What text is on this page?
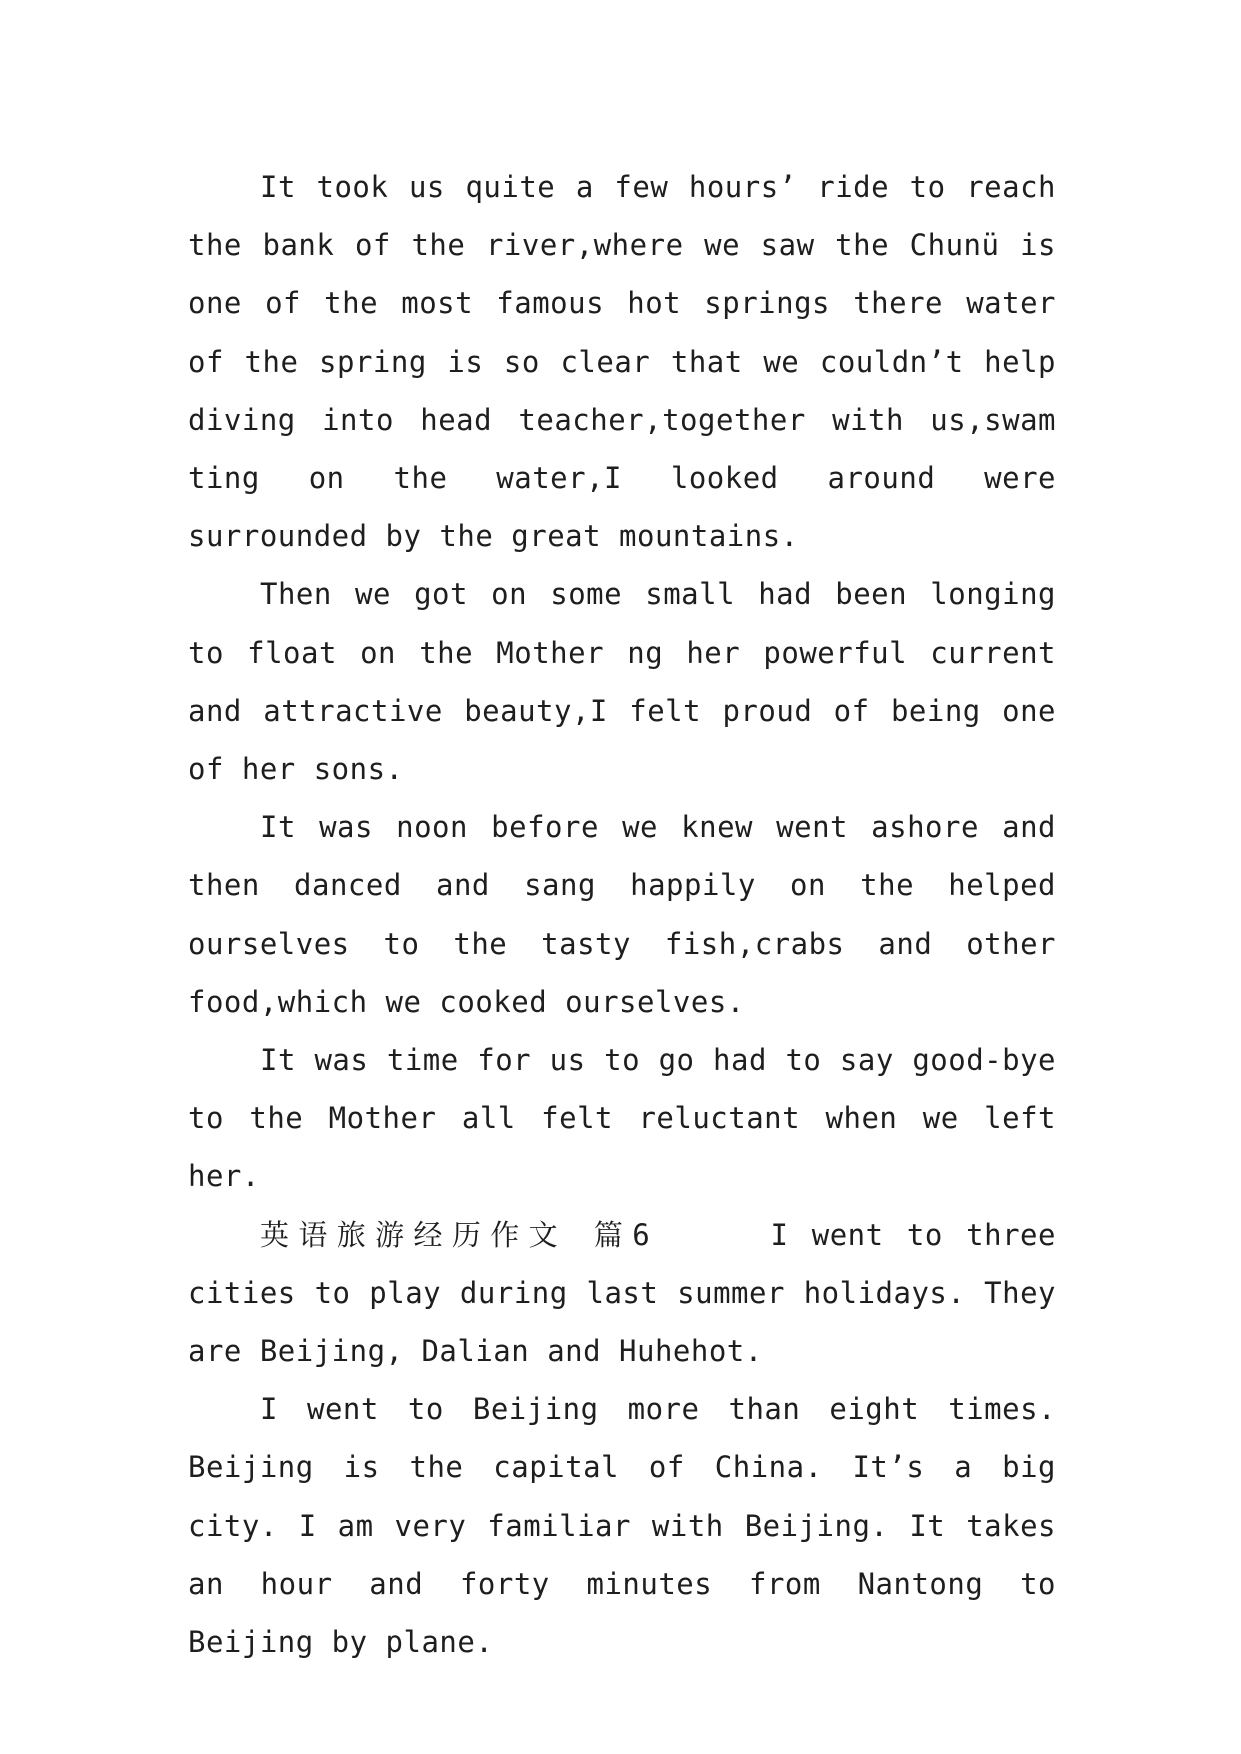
It took us quite a few hours’ ride to reach the bank of the river,where we saw the Chunü is one of the most famous hot springs there water of the spring is so clear that we couldn’t help diving into head teacher,together with us,swam ting on the water,I looked around were surrounded by the great mountains.

Then we got on some small had been longing to float on the Mother ng her powerful current and attractive beauty,I felt proud of being one of her sons.

It was noon before we knew went ashore and then danced and sang happily on the helped ourselves to the tasty fish,crabs and other food,which we cooked ourselves.

It was time for us to go had to say good-bye to the Mother all felt reluctant when we left her.

英语旅游经历作文 篇6	I went to three cities to play during last summer holidays. They are Beijing, Dalian and Huhehot.

I went to Beijing more than eight times. Beijing is the capital of China. It’s a big city. I am very familiar with Beijing. It takes an hour and forty minutes from Nantong to Beijing by plane.
